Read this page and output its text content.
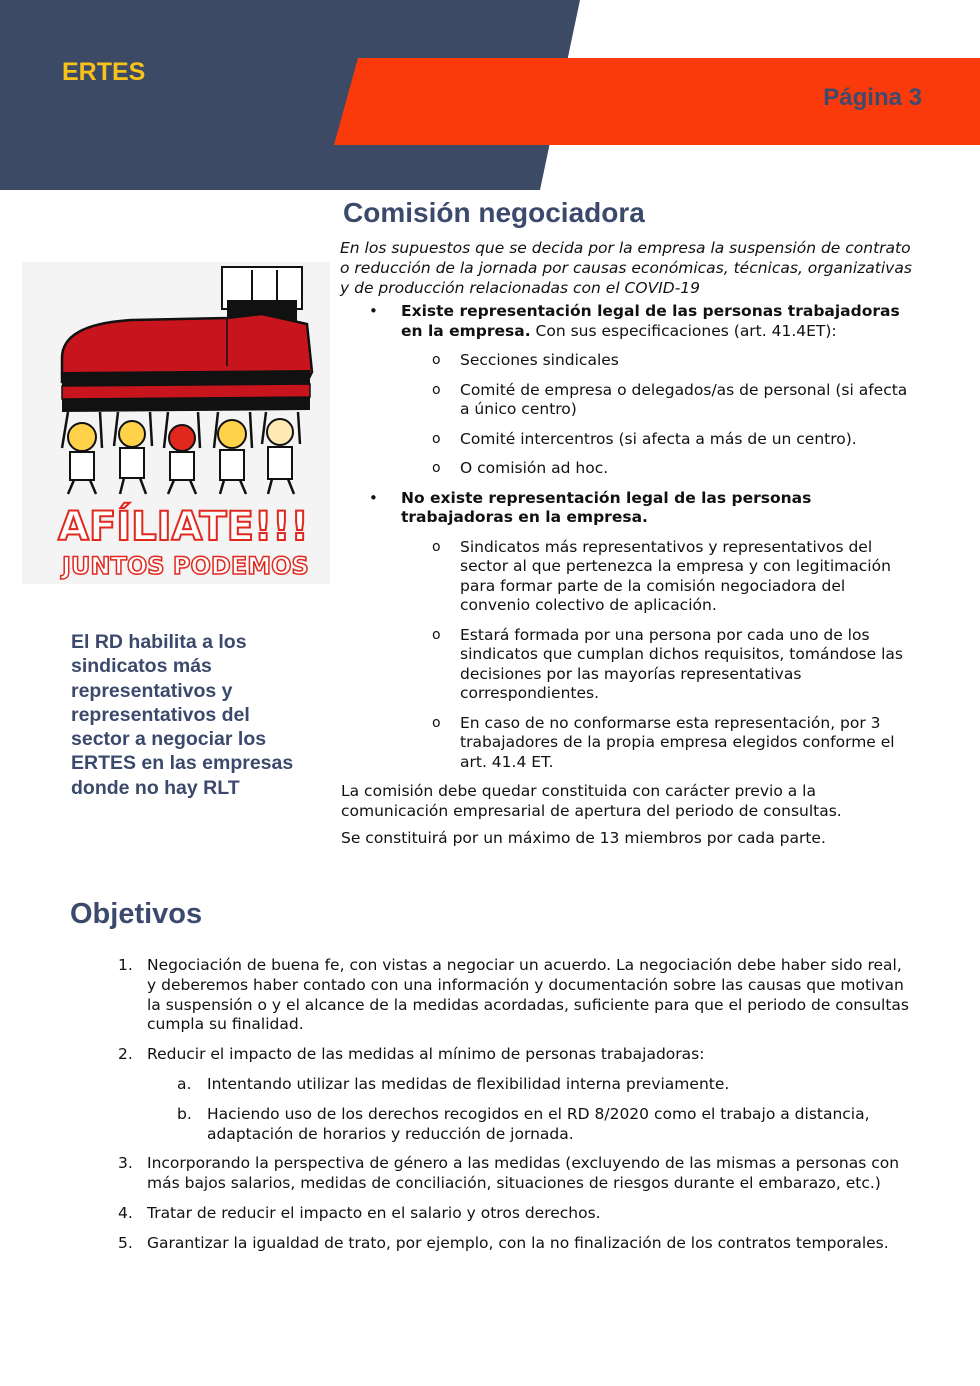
ERTES
Página 3
AFÍLIATE!!!
JUNTOS PODEMOS
El RD habilita a los sindicatos más representativos y representativos del sector a negociar los ERTES en las empresas donde no hay RLT
Comisión negociadora

En los supuestos que se decida por la empresa la suspensión de contrato o reducción de la jornada por causas económicas, técnicas, organizativas y de producción relacionadas con el COVID-19

• Existe representación legal de las personas trabajadoras en la empresa. Con sus especificaciones (art. 41.4ET):
o Secciones sindicales
o Comité de empresa o delegados/as de personal (si afecta a único centro)
o Comité intercentros (si afecta a más de un centro).
o O comisión ad hoc.
• No existe representación legal de las personas trabajadoras en la empresa.
o Sindicatos más representativos y representativos del sector al que pertenezca la empresa y con legitimación para formar parte de la comisión negociadora del convenio colectivo de aplicación.
o Estará formada por una persona por cada uno de los sindicatos que cumplan dichos requisitos, tomándose las decisiones por las mayorías representativas correspondientes.
o En caso de no conformarse esta representación, por 3 trabajadores de la propia empresa elegidos conforme el art. 41.4 ET.

La comisión debe quedar constituida con carácter previo a la comunicación empresarial de apertura del periodo de consultas.

Se constituirá por un máximo de 13 miembros por cada parte.

Objetivos
1. Negociación de buena fe, con vistas a negociar un acuerdo. La negociación debe haber sido real, y deberemos haber contado con una información y documentación sobre las causas que motivan la suspensión o y el alcance de la medidas acordadas, suficiente para que el periodo de consultas cumpla su finalidad.
2. Reducir el impacto de las medidas al mínimo de personas trabajadoras:
a. Intentando utilizar las medidas de flexibilidad interna previamente.
b. Haciendo uso de los derechos recogidos en el RD 8/2020 como el trabajo a distancia, adaptación de horarios y reducción de jornada.
3. Incorporando la perspectiva de género a las medidas (excluyendo de las mismas a personas con más bajos salarios, medidas de conciliación, situaciones de riesgos durante el embarazo, etc.)
4. Tratar de reducir el impacto en el salario y otros derechos.
5. Garantizar la igualdad de trato, por ejemplo, con la no finalización de los contratos temporales.
